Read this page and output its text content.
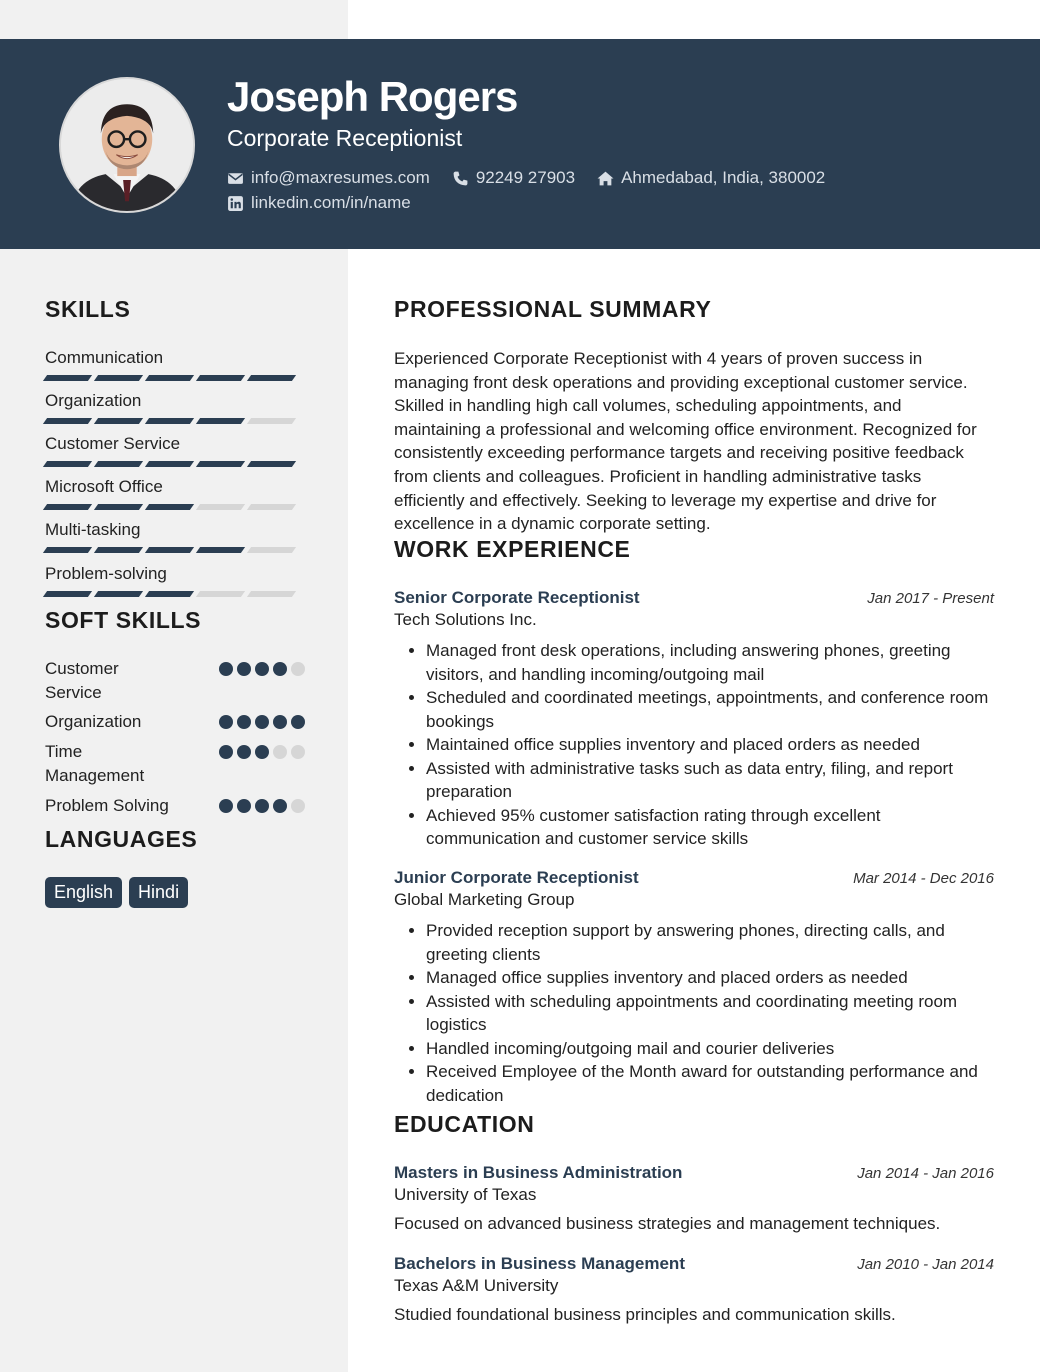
Joseph Rogers
Corporate Receptionist
info@maxresumes.com	92249 27903	Ahmedabad, India, 380002
linkedin.com/in/name
SKILLS
Communication
Organization
Customer Service
Microsoft Office
Multi-tasking
Problem-solving
SOFT SKILLS
Customer Service
Organization
Time Management
Problem Solving
LANGUAGES
English	Hindi
PROFESSIONAL SUMMARY
Experienced Corporate Receptionist with 4 years of proven success in managing front desk operations and providing exceptional customer service. Skilled in handling high call volumes, scheduling appointments, and maintaining a professional and welcoming office environment. Recognized for consistently exceeding performance targets and receiving positive feedback from clients and colleagues. Proficient in handling administrative tasks efficiently and effectively. Seeking to leverage my expertise and drive for excellence in a dynamic corporate setting.
WORK EXPERIENCE
Senior Corporate Receptionist	Jan 2017 - Present
Tech Solutions Inc.
• Managed front desk operations, including answering phones, greeting visitors, and handling incoming/outgoing mail
• Scheduled and coordinated meetings, appointments, and conference room bookings
• Maintained office supplies inventory and placed orders as needed
• Assisted with administrative tasks such as data entry, filing, and report preparation
• Achieved 95% customer satisfaction rating through excellent communication and customer service skills
Junior Corporate Receptionist	Mar 2014 - Dec 2016
Global Marketing Group
• Provided reception support by answering phones, directing calls, and greeting clients
• Managed office supplies inventory and placed orders as needed
• Assisted with scheduling appointments and coordinating meeting room logistics
• Handled incoming/outgoing mail and courier deliveries
• Received Employee of the Month award for outstanding performance and dedication
EDUCATION
Masters in Business Administration	Jan 2014 - Jan 2016
University of Texas
Focused on advanced business strategies and management techniques.
Bachelors in Business Management	Jan 2010 - Jan 2014
Texas A&M University
Studied foundational business principles and communication skills.
